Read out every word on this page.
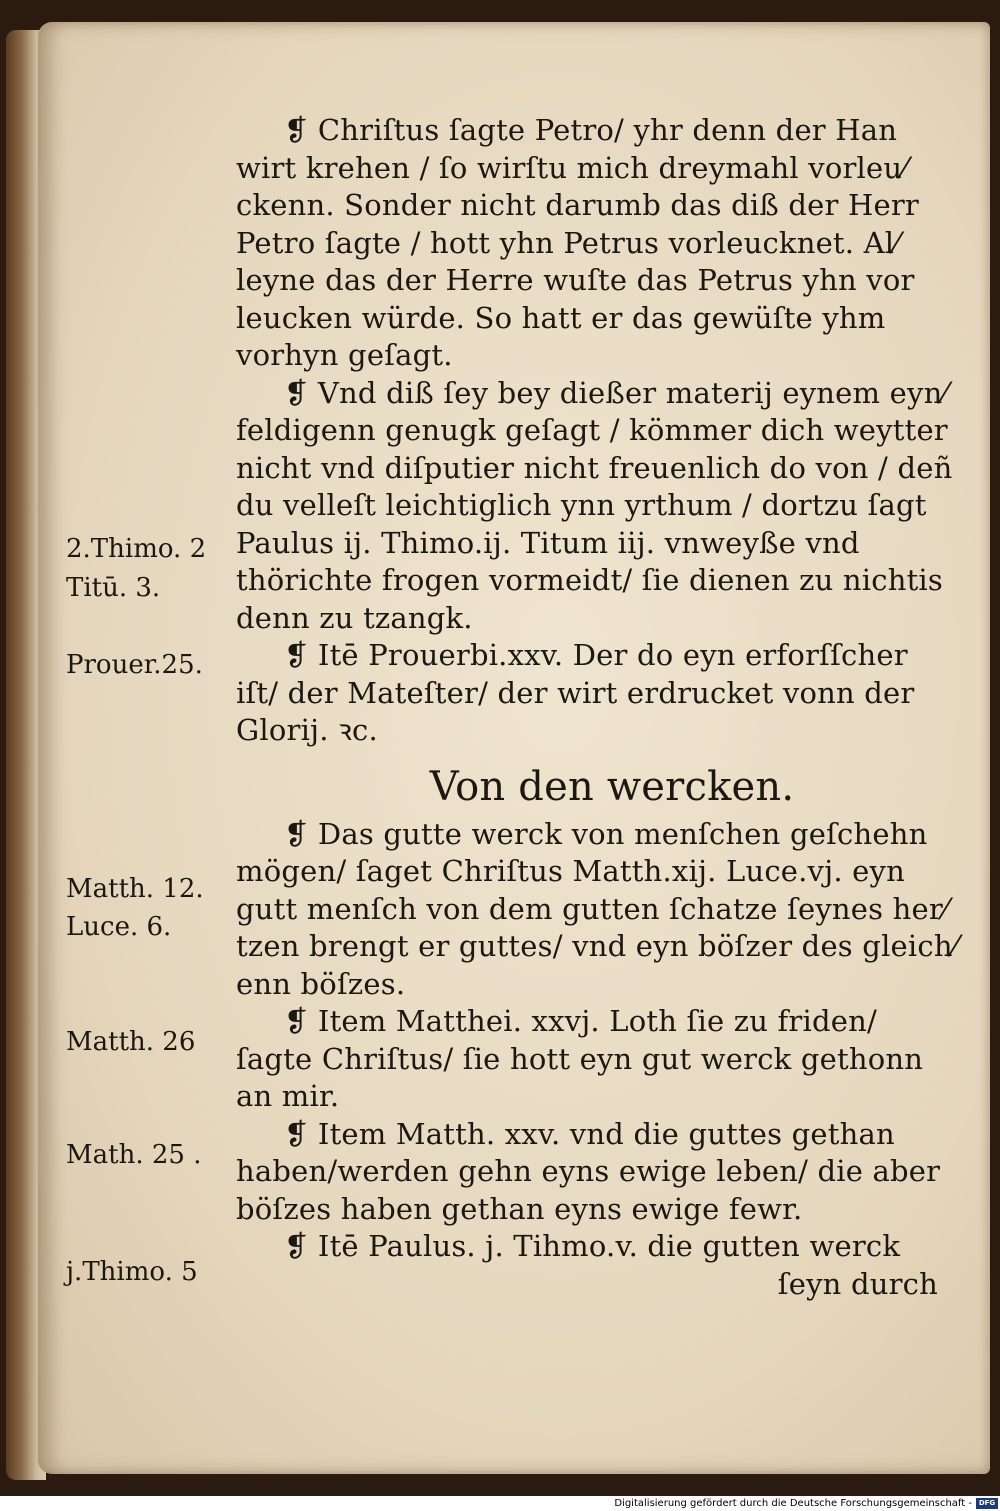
❡ Chriſtus ſagte Petro/ yhr denn der Han
wirt krehen / ſo wirſtu mich dreymahl vorleu⁄
ckenn. Sonder nicht darumb das diß der Herr
Petro ſagte / hott yhn Petrus vorleucknet. Al⁄
leyne das der Herre wuſte das Petrus yhn vor
leucken würde. So hatt er das gewüſte yhm
vorhyn geſagt.
❡ Vnd diß ſey bey dießer materij eynem eyn⁄
feldigenn genugk geſagt / kömmer dich weytter
nicht vnd diſputier nicht freuenlich do von / deñ
du velleſt leichtiglich ynn yrthum / dortzu ſagt
Paulus ij. Thimo.ij. Titum iij. vnweyße vnd
thörichte frogen vormeidt/ ſie dienen zu nichtis
denn zu tzangk.
❡ Itē Prouerbi.xxv. Der do eyn erforſſcher
iſt/ der Mateſter/ der wirt erdrucket vonn der
Glorij. ꝛc.
Von den wercken.
❡ Das gutte werck von menſchen geſchehn
mögen/ ſaget Chriſtus Matth.xij. Luce.vj. eyn
gutt menſch von dem gutten ſchatze ſeynes her⁄
tzen brengt er guttes/ vnd eyn böſzer des gleich⁄
enn böſzes.
❡ Item Matthei. xxvj. Loth ſie zu friden/
ſagte Chriſtus/ ſie hott eyn gut werck gethonn
an mir.
❡ Item Matth. xxv. vnd die guttes gethan
haben/werden gehn eyns ewige leben/ die aber
böſzes haben gethan eyns ewige fewr.
❡ Itē Paulus. j. Tihmo.v. die gutten werck
ſeyn durch
2.Thimo. 2
Titū. 3.
Prouer.25.
Matth. 12.
Luce. 6.
Matth. 26
Math. 25 .
j.Thimo. 5
Digitalisierung gefördert durch die Deutsche Forschungsgemeinschaft - DFG
